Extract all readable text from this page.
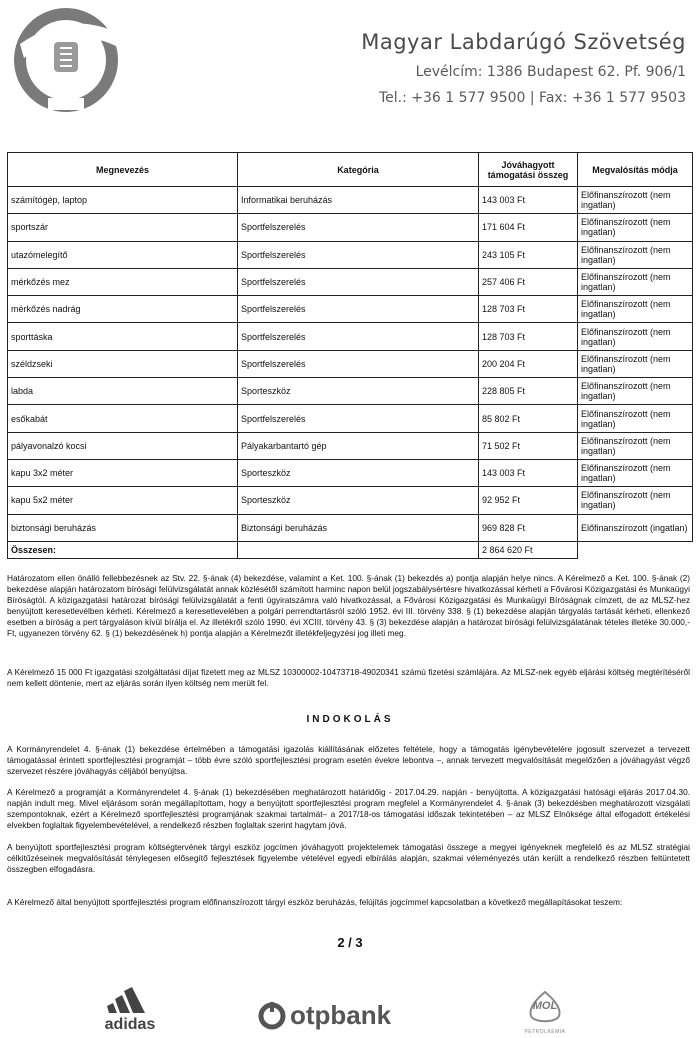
Magyar Labdarúgó Szövetség
Levélcím: 1386 Budapest 62. Pf. 906/1
Tel.: +36 1 577 9500 | Fax: +36 1 577 9503
Megnevezés	Kategória	Jóváhagyott támogatási összeg	Megvalósítás módja
számítógép, laptop	Informatikai beruházás	143 003 Ft	Előfinanszírozott (nem ingatlan)
sportszár	Sportfelszerelés	171 604 Ft	Előfinanszírozott (nem ingatlan)
utazómelegítő	Sportfelszerelés	243 105 Ft	Előfinanszírozott (nem ingatlan)
mérkőzés mez	Sportfelszerelés	257 406 Ft	Előfinanszírozott (nem ingatlan)
mérkőzés nadrág	Sportfelszerelés	128 703 Ft	Előfinanszírozott (nem ingatlan)
sporttáska	Sportfelszerelés	128 703 Ft	Előfinanszírozott (nem ingatlan)
széldzseki	Sportfelszerelés	200 204 Ft	Előfinanszírozott (nem ingatlan)
labda	Sporteszköz	228 805 Ft	Előfinanszírozott (nem ingatlan)
esőkabát	Sportfelszerelés	85 802 Ft	Előfinanszírozott (nem ingatlan)
pályavonalzó kocsi	Pályakarbantartó gép	71 502 Ft	Előfinanszírozott (nem ingatlan)
kapu 3x2 méter	Sporteszköz	143 003 Ft	Előfinanszírozott (nem ingatlan)
kapu 5x2 méter	Sporteszköz	92 952 Ft	Előfinanszírozott (nem ingatlan)
biztonsági beruházás	Biztonsági beruházás	969 828 Ft	Előfinanszírozott (ingatlan)
Összesen:		2 864 620 Ft	
Határozatom ellen önálló fellebbezésnek az Stv. 22. §-ának (4) bekezdése, valamint a Ket. 100. §-ának (1) bekezdés a) pontja alapján helye nincs. A Kérelmező a Ket. 100. §-ának (2) bekezdése alapján határozatom bírósági felülvizsgálatát annak közlésétől számított harminc napon belül jogszabálysértésre hivatkozással kérheti a Fővárosi Közigazgatási és Munkaügyi Bíróságtól. A közigazgatási határozat bírósági felülvizsgálatát a fenti ügyiratszámra való hivatkozással, a Fővárosi Közigazgatási és Munkaügyi Bíróságnak címzett, de az MLSZ-hez benyújtott keresetlevélben kérheti. Kérelmező a keresetlevelében a polgári perrendtartásról szóló 1952. évi III. törvény 338. § (1) bekezdése alapján tárgyalás tartását kérheti, ellenkező esetben a bíróság a pert tárgyaláson kívül bírálja el. Az illetékről szóló 1990. évi XCIII. törvény 43. § (3) bekezdése alapján a határozat bírósági felülvizsgálatának tételes illetéke 30.000,- Ft, ugyanezen törvény 62. § (1) bekezdésének h) pontja alapján a Kérelmezőt illetékfeljegyzési jog illeti meg.
A Kérelmező 15 000 Ft igazgatási szolgáltatási díjat fizetett meg az MLSZ 10300002-10473718-49020341 számú fizetési számlájára. Az MLSZ-nek egyéb eljárási költség megtérítéséről nem kellett döntenie, mert az eljárás során ilyen költség nem merült fel.
INDOKOLÁS
A Kormányrendelet 4. §-ának (1) bekezdése értelmében a támogatási igazolás kiállításának előzetes feltétele, hogy a támogatás igénybevételére jogosult szervezet a tervezett támogatással érintett sportfejlesztési programját – több évre szóló sportfejlesztési program esetén évekre lebontva –, annak tervezett megvalósítását megelőzően a jóváhagyást végző szervezet részére jóváhagyás céljából benyújtsa.
A Kérelmező a programját a Kormányrendelet 4. §-ának (1) bekezdésében meghatározott határidőig - 2017.04.29. napján - benyújtotta. A közigazgatási hatósági eljárás 2017.04.30. napján indult meg. Mivel eljárásom során megállapítottam, hogy a benyújtott sportfejlesztési program megfelel a Kormányrendelet 4. §-ának (3) bekezdésben meghatározott vizsgálati szempontoknak, ezért a Kérelmező sportfejlesztési programjának szakmai tartalmát– a 2017/18-os támogatási időszak tekintetében – az MLSZ Elnöksége által elfogadott értékelési elvekben foglaltak figyelembevételével, a rendelkező részben foglaltak szerint hagytam jóvá.
A benyújtott sportfejlesztési program költségtervének tárgyi eszköz jogcímen jóváhagyott projektelemek támogatási összege a megyei igényeknek megfelelő és az MLSZ stratégiai célkitűzéseinek megvalósítását ténylegesen elősegítő fejlesztések figyelembe vételével egyedi elbírálás alapján, szakmai véleményezés után került a rendelkező részben feltüntetett összegben elfogadásra.
A Kérelmező által benyújtott sportfejlesztési program előfinanszírozott tárgyi eszköz beruházás, felújítás jogcímmel kapcsolatban a következő megállapításokat teszem:
2 / 3
adidas	otpbank	MOL
PETROLKÉMIA
